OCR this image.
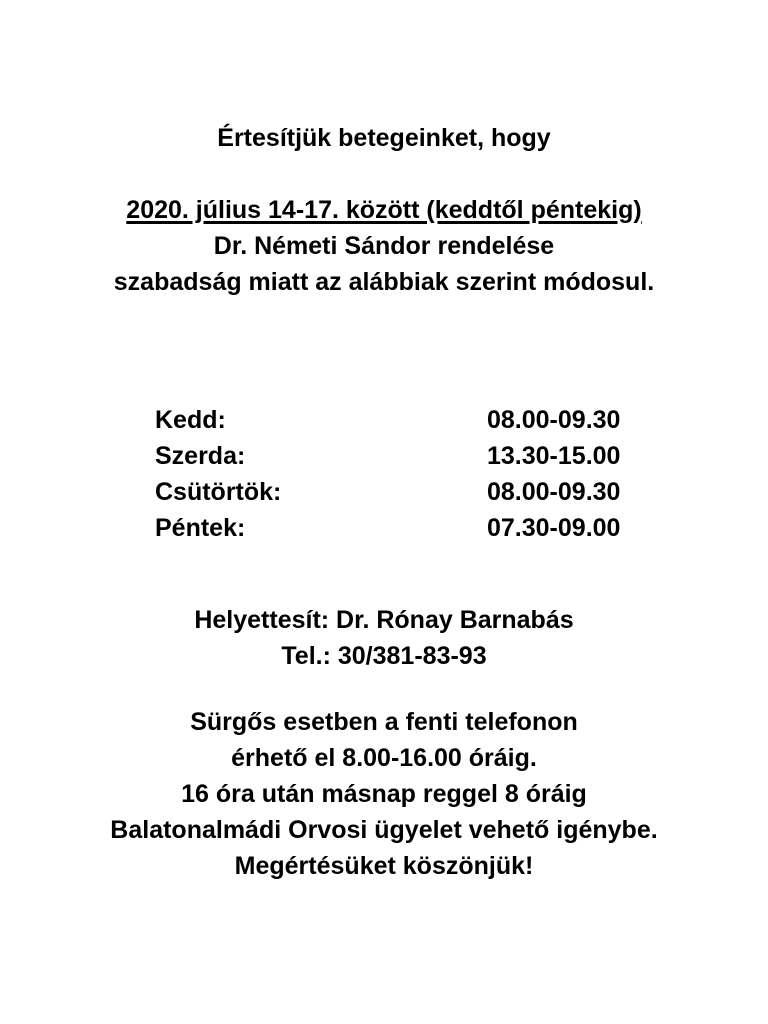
Értesítjük betegeinket, hogy

2020. július 14-17. között (keddtől péntekig)

Dr. Németi Sándor rendelése

szabadság miatt az alábbiak szerint módosul.

Kedd:	08.00-09.30
Szerda:	13.30-15.00
Csütörtök:	08.00-09.30
Péntek:	07.30-09.00

Helyettesít: Dr. Rónay Barnabás

Tel.: 30/381-83-93

Sürgős esetben a fenti telefonon

érhető el 8.00-16.00 óráig.

16 óra után másnap reggel 8 óráig

Balatonalmádi Orvosi ügyelet vehető igénybe.

Megértésüket köszönjük!
